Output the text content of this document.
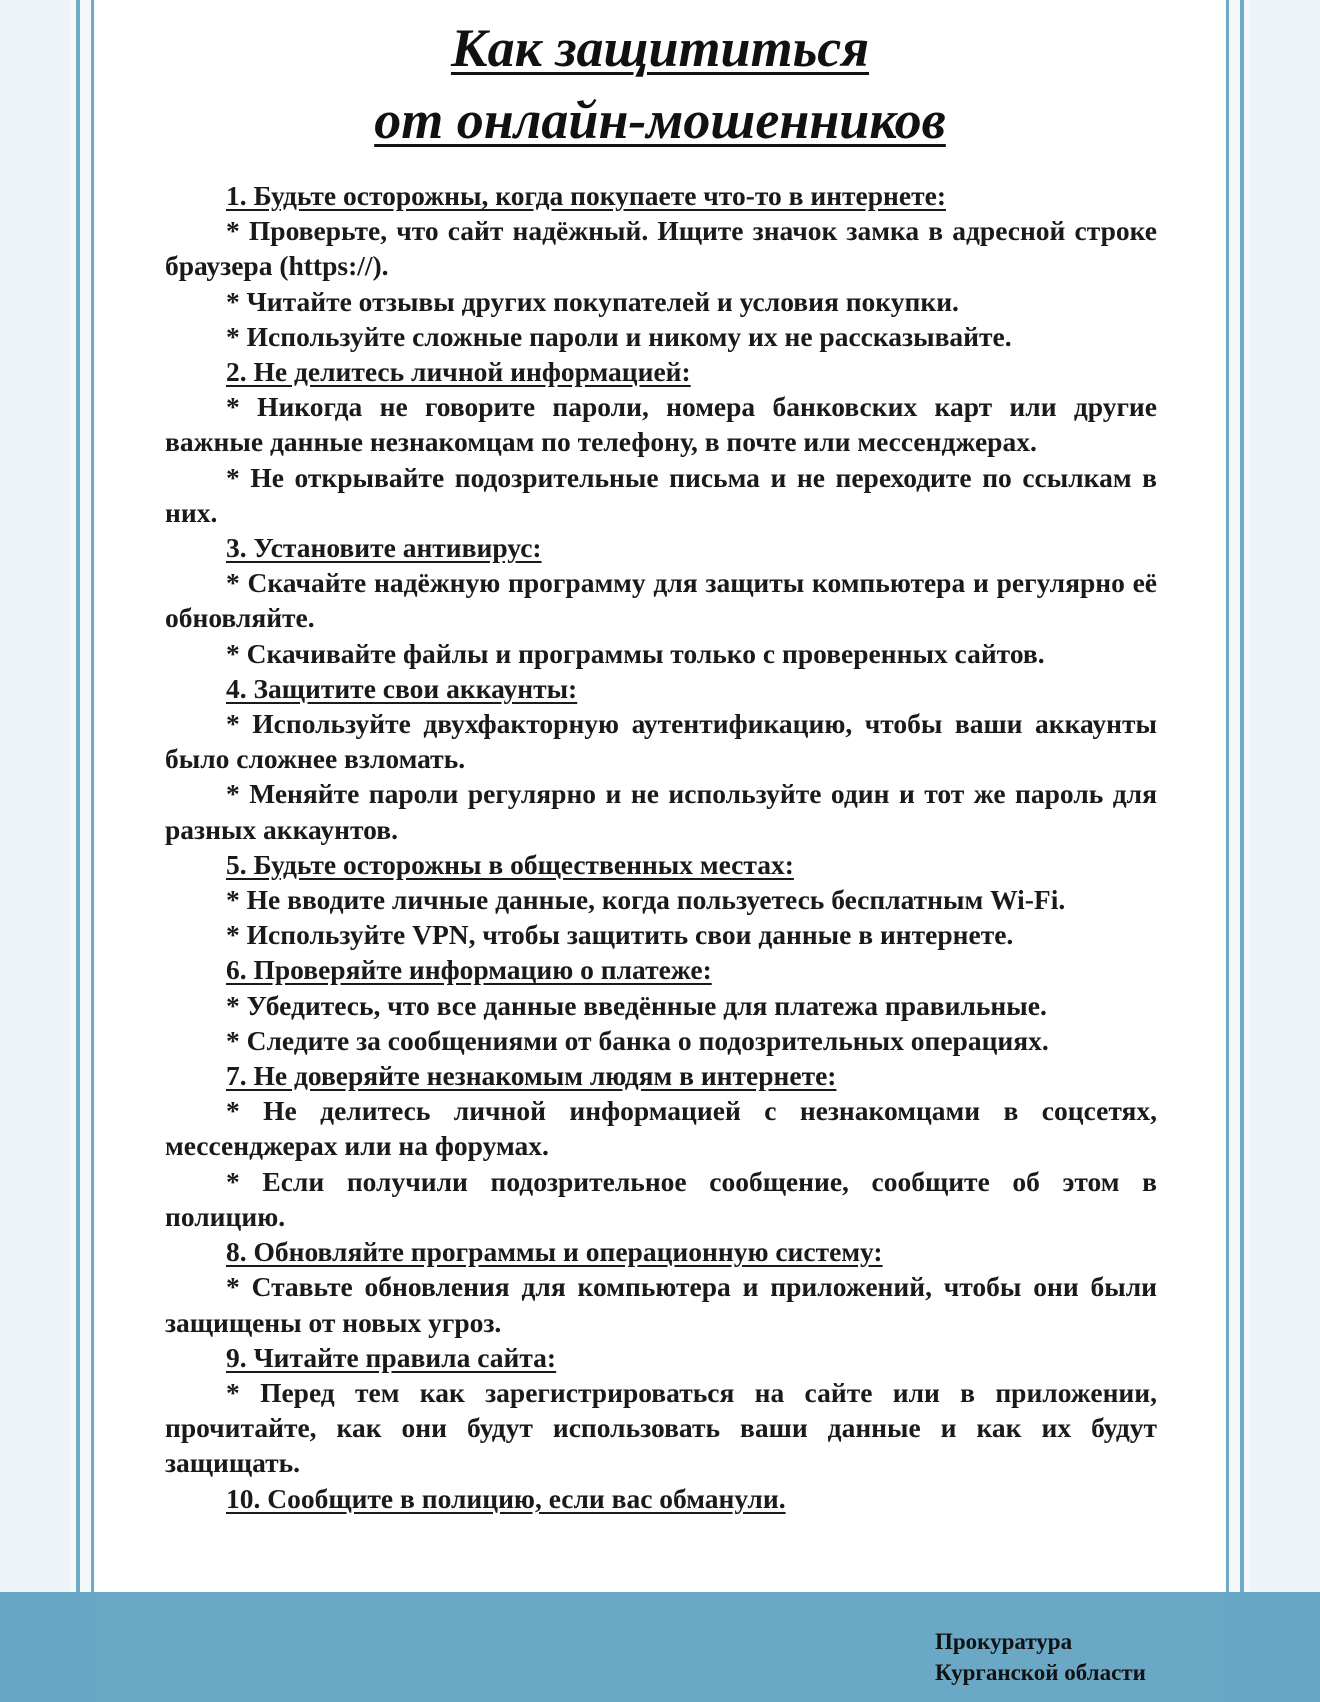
Как защититься
от онлайн-мошенников
1. Будьте осторожны, когда покупаете что-то в интернете:
* Проверьте, что сайт надёжный. Ищите значок замка в адресной строке браузера (https://).
* Читайте отзывы других покупателей и условия покупки.
* Используйте сложные пароли и никому их не рассказывайте.
2. Не делитесь личной информацией:
* Никогда не говорите пароли, номера банковских карт или другие важные данные незнакомцам по телефону, в почте или мессенджерах.
* Не открывайте подозрительные письма и не переходите по ссылкам в них.
3. Установите антивирус:
* Скачайте надёжную программу для защиты компьютера и регулярно её обновляйте.
* Скачивайте файлы и программы только с проверенных сайтов.
4. Защитите свои аккаунты:
* Используйте двухфакторную аутентификацию, чтобы ваши аккаунты было сложнее взломать.
* Меняйте пароли регулярно и не используйте один и тот же пароль для разных аккаунтов.
5. Будьте осторожны в общественных местах:
* Не вводите личные данные, когда пользуетесь бесплатным Wi-Fi.
* Используйте VPN, чтобы защитить свои данные в интернете.
6. Проверяйте информацию о платеже:
* Убедитесь, что все данные введённые для платежа правильные.
* Следите за сообщениями от банка о подозрительных операциях.
7. Не доверяйте незнакомым людям в интернете:
* Не делитесь личной информацией с незнакомцами в соцсетях, мессенджерах или на форумах.
* Если получили подозрительное сообщение, сообщите об этом в полицию.
8. Обновляйте программы и операционную систему:
* Ставьте обновления для компьютера и приложений, чтобы они были защищены от новых угроз.
9. Читайте правила сайта:
* Перед тем как зарегистрироваться на сайте или в приложении, прочитайте, как они будут использовать ваши данные и как их будут защищать.
10. Сообщите в полицию, если вас обманули.
Прокуратура
Курганской области
